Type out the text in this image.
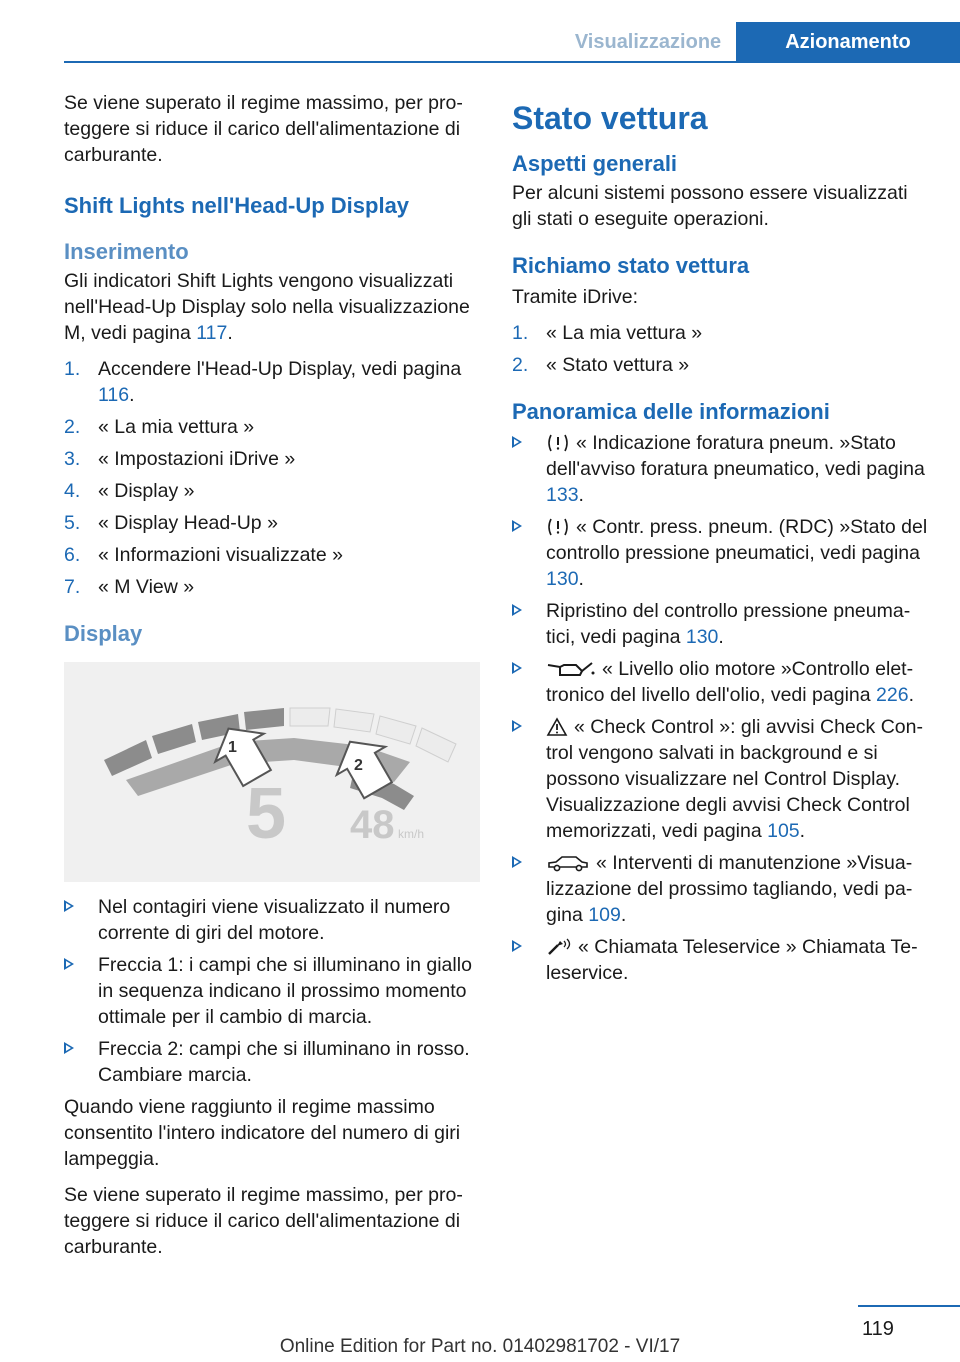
Visualizzazione	Azionamento

Se viene superato il regime massimo, per proteggere si riduce il carico dell'alimentazione di carburante.

Shift Lights nell'Head-Up Display
Inserimento

Gli indicatori Shift Lights vengono visualizzati nell'Head-Up Display solo nella visualizzazione M, vedi pagina 117.

1. Accendere l'Head-Up Display, vedi pagina 116.
2. « La mia vettura »
3. « Impostazioni iDrive »
4. « Display »
5. « Display Head-Up »
6. « Informazioni visualizzate »
7. « M View »
Display
1
2
5 48 km/h
Nel contagiri viene visualizzato il numero corrente di giri del motore.
Freccia 1: i campi che si illuminano in giallo in sequenza indicano il prossimo momento ottimale per il cambio di marcia.
Freccia 2: campi che si illuminano in rosso. Cambiare marcia.

Quando viene raggiunto il regime massimo consentito l'intero indicatore del numero di giri lampeggia.

Se viene superato il regime massimo, per proteggere si riduce il carico dell'alimentazione di carburante.

Stato vettura
Aspetti generali

Per alcuni sistemi possono essere visualizzati gli stati o eseguite operazioni.

Richiamo stato vettura

Tramite iDrive:

1. « La mia vettura »
2. « Stato vettura »
Panoramica delle informazioni
« Indicazione foratura pneum. »Stato dell'avviso foratura pneumatico, vedi pagina 133.
« Contr. press. pneum. (RDC) »Stato del controllo pressione pneumatici, vedi pagina 130.
Ripristino del controllo pressione pneumatici, vedi pagina 130.
« Livello olio motore »Controllo elettronico del livello dell'olio, vedi pagina 226.
« Check Control »: gli avvisi Check Control vengono salvati in background e si possono visualizzare nel Control Display. Visualizzazione degli avvisi Check Control memorizzati, vedi pagina 105.
« Interventi di manutenzione »Visualizzazione del prossimo tagliando, vedi pagina 109.
« Chiamata Teleservice » Chiamata Teleservice.
119
Online Edition for Part no. 01402981702 - VI/17
